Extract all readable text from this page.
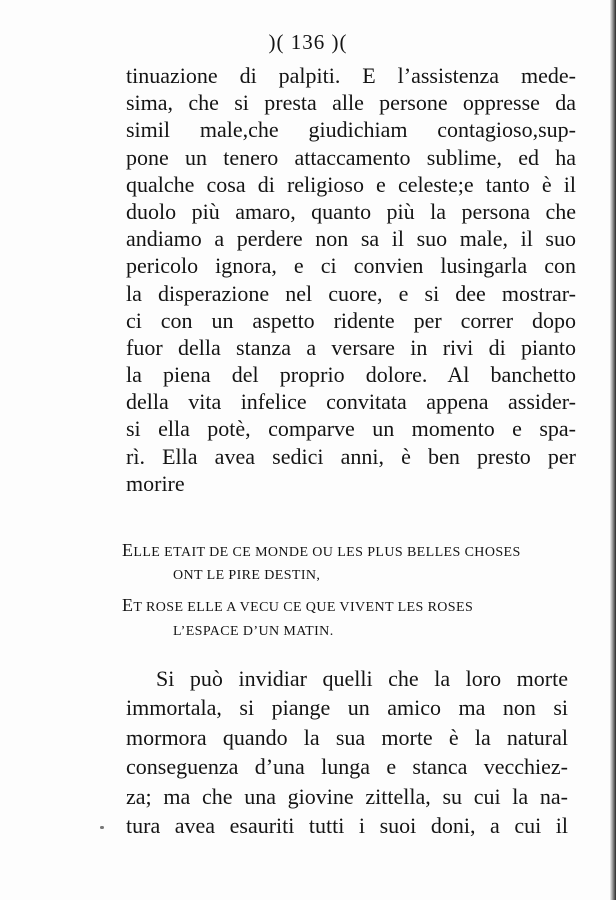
)( 136 )(
tinuazione di palpiti. E l’assistenza mede-
sima, che si presta alle persone oppresse da
simil male,che giudichiam contagioso,sup-
pone un tenero attaccamento sublime, ed ha
qualche cosa di religioso e celeste;e tanto è il
duolo più amaro, quanto più la persona che
andiamo a perdere non sa il suo male, il suo
pericolo ignora, e ci convien lusingarla con
la disperazione nel cuore, e si dee mostrar-
ci con un aspetto ridente per correr dopo
fuor della stanza a versare in rivi di pianto
la piena del proprio dolore. Al banchetto
della vita infelice convitata appena assider-
si ella potè, comparve un momento e spa-
rì. Ella avea sedici anni, è ben presto per
morire
ELLE ETAIT DE CE MONDE OU LES PLUS BELLES CHOSES
ONT LE PIRE DESTIN,
ET ROSE ELLE A VECU CE QUE VIVENT LES ROSES
L’ESPACE D’UN MATIN.
Si può invidiar quelli che la loro morte
immortala, si piange un amico ma non si
mormora quando la sua morte è la natural
conseguenza d’una lunga e stanca vecchiez-
za; ma che una giovine zittella, su cui la na-
tura avea esauriti tutti i suoi doni, a cui il
